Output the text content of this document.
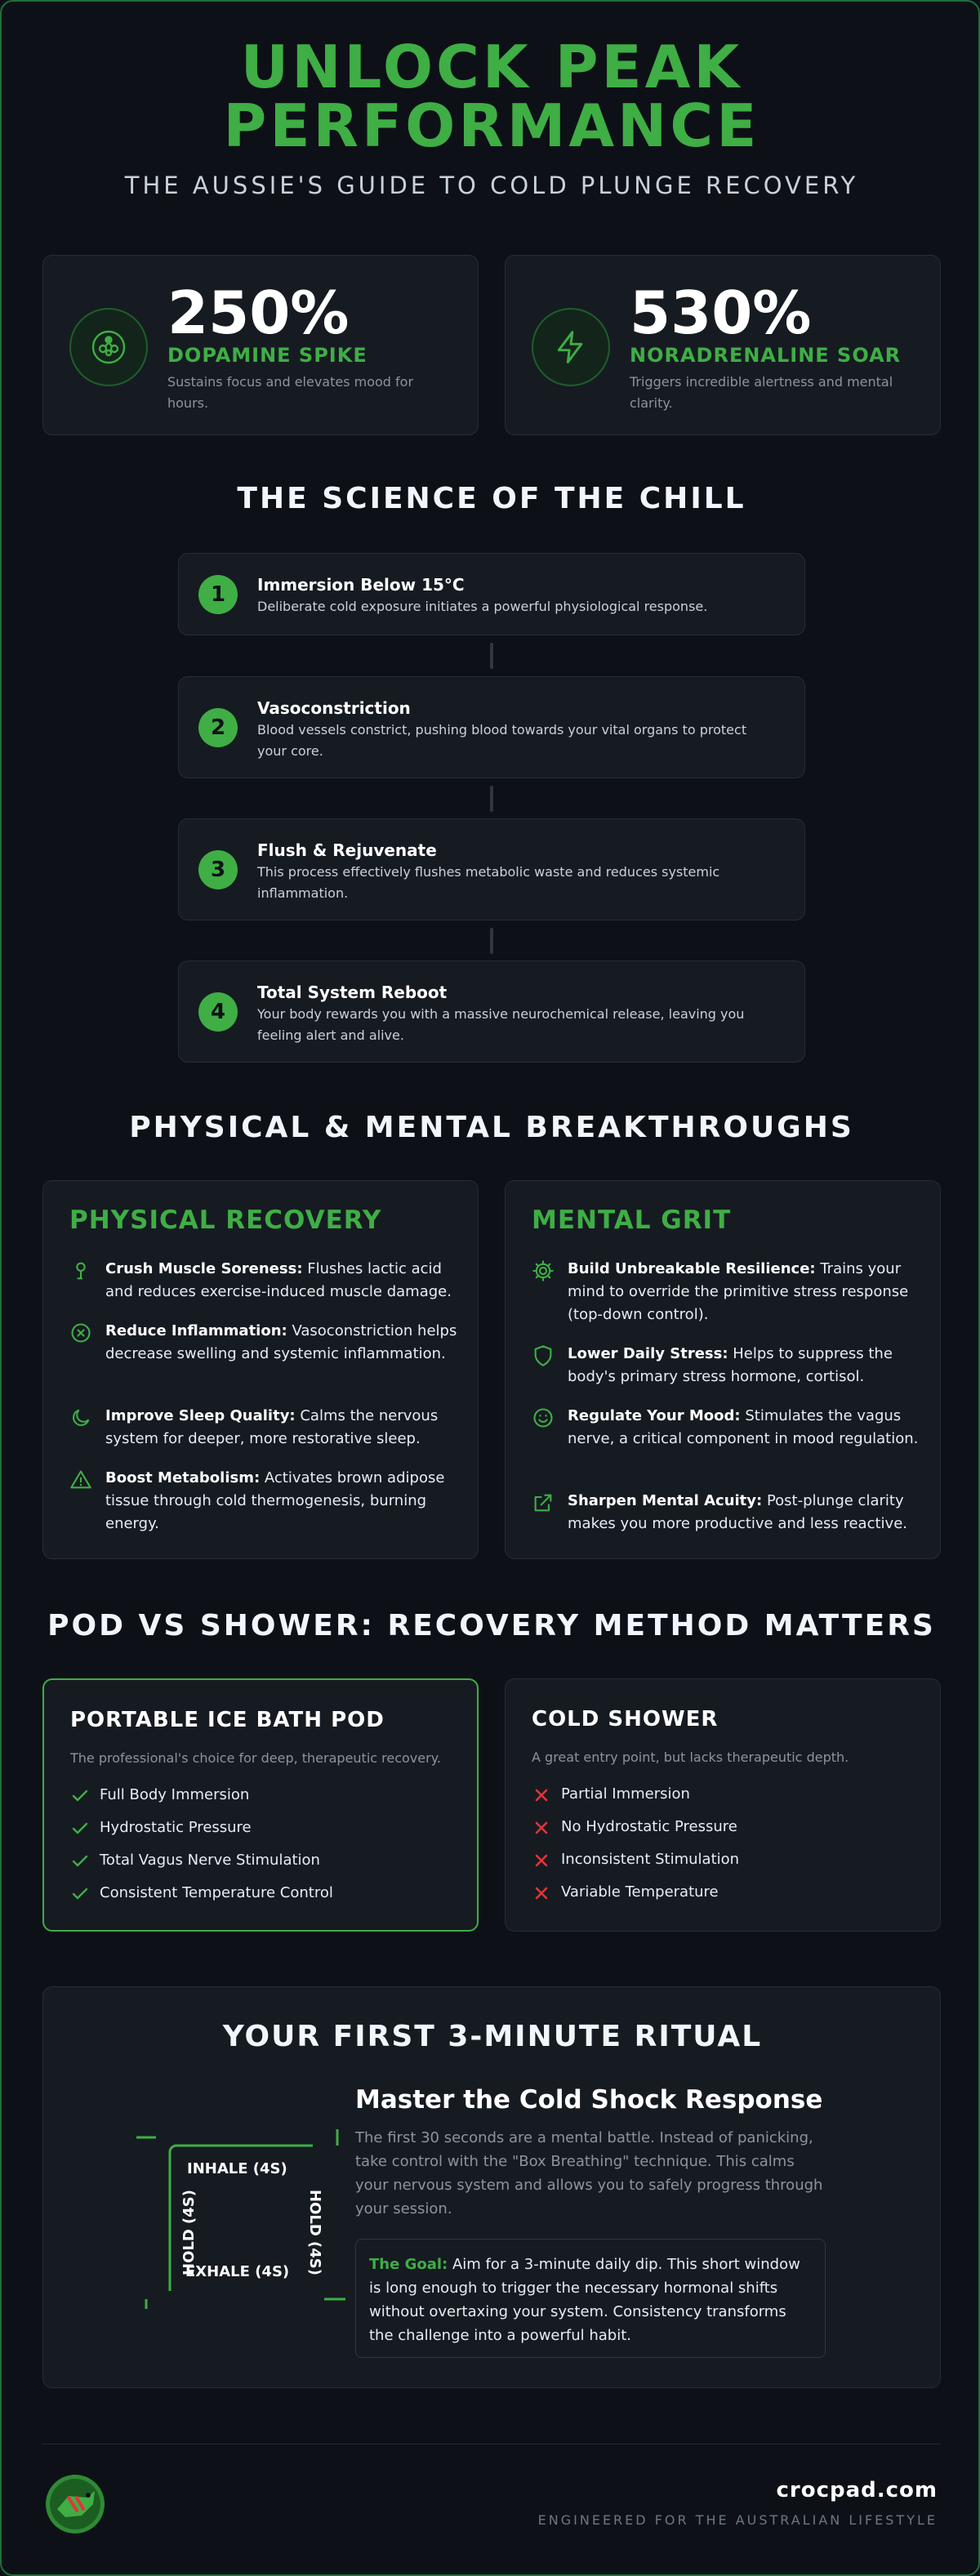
UNLOCK PEAK
PERFORMANCE
THE AUSSIE'S GUIDE TO COLD PLUNGE RECOVERY
250%
DOPAMINE SPIKE
Sustains focus and elevates mood for hours.
530%
NORADRENALINE SOAR
Triggers incredible alertness and mental clarity.
THE SCIENCE OF THE CHILL
1	Immersion Below 15°C
Deliberate cold exposure initiates a powerful physiological response.
2
Vasoconstriction
Blood vessels constrict, pushing blood towards your vital organs to protect your core.
3
Flush & Rejuvenate
This process effectively flushes metabolic waste and reduces systemic inflammation.
4
Total System Reboot
Your body rewards you with a massive neurochemical release, leaving you feeling alert and alive.
PHYSICAL & MENTAL BREAKTHROUGHS
PHYSICAL RECOVERY
Crush Muscle Soreness: Flushes lactic acid and reduces exercise-induced muscle damage.
Reduce Inflammation: Vasoconstriction helps decrease swelling and systemic inflammation.
Improve Sleep Quality: Calms the nervous system for deeper, more restorative sleep.
Boost Metabolism: Activates brown adipose tissue through cold thermogenesis, burning energy.
MENTAL GRIT
Build Unbreakable Resilience: Trains your mind to override the primitive stress response (top-down control).
Lower Daily Stress: Helps to suppress the body's primary stress hormone, cortisol.
Regulate Your Mood: Stimulates the vagus nerve, a critical component in mood regulation.
Sharpen Mental Acuity: Post-plunge clarity makes you more productive and less reactive.
POD VS SHOWER: RECOVERY METHOD MATTERS
PORTABLE ICE BATH POD
The professional's choice for deep, therapeutic recovery.
Full Body Immersion
Hydrostatic Pressure
Total Vagus Nerve Stimulation
Consistent Temperature Control
COLD SHOWER
A great entry point, but lacks therapeutic depth.
Partial Immersion
No Hydrostatic Pressure
Inconsistent Stimulation
Variable Temperature
YOUR FIRST 3-MINUTE RITUAL
INHALE (4S)
HOLD (4S)
EXHALE (4S)
HOLD (4S)
Master the Cold Shock Response
The first 30 seconds are a mental battle. Instead of panicking, take control with the "Box Breathing" technique. This calms your nervous system and allows you to safely progress through your session.
The Goal: Aim for a 3-minute daily dip. This short window is long enough to trigger the necessary hormonal shifts without overtaxing your system. Consistency transforms the challenge into a powerful habit.
crocpad.com
ENGINEERED FOR THE AUSTRALIAN LIFESTYLE
